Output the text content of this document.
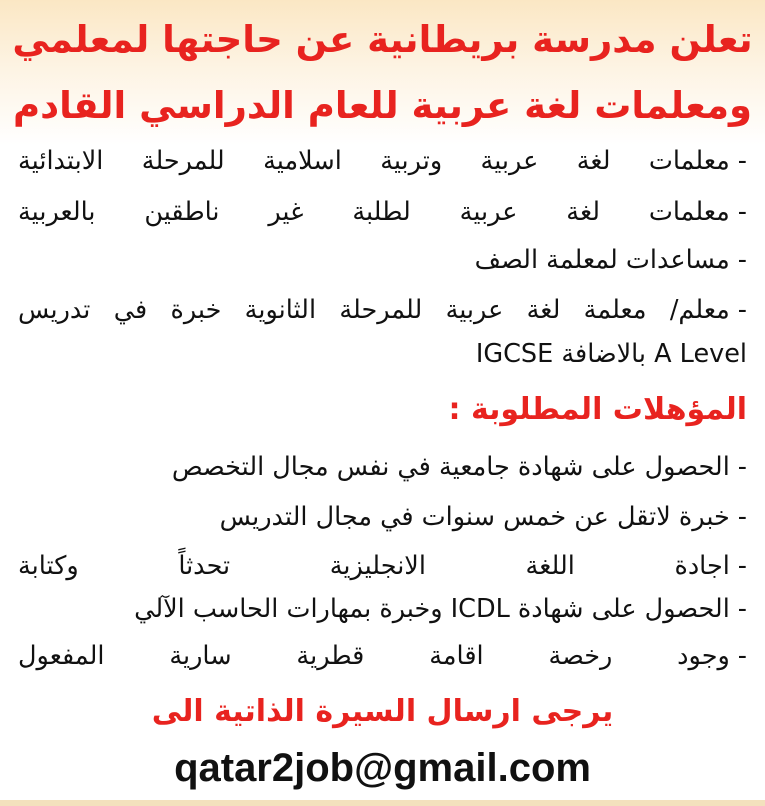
تعلن مدرسة بريطانية عن حاجتها لمعلمي
ومعلمات لغة عربية للعام الدراسي القادم
-معلمات لغة عربية وتربية اسلامية للمرحلة الابتدائية
-معلمات لغة عربية لطلبة غير ناطقين بالعربية
-مساعدات لمعلمة الصف
-معلم/ معلمة لغة عربية للمرحلة الثانوية خبرة في تدريس
IGCSE بالاضافة A Level
المؤهلات المطلوبة :
-الحصول على شهادة جامعية في نفس مجال التخصص
-خبرة لاتقل عن خمس سنوات في مجال التدريس
-اجادة اللغة الانجليزية تحدثاً وكتابة
-الحصول على شهادة ICDL وخبرة بمهارات الحاسب الآلي
-وجود رخصة اقامة قطرية سارية المفعول
يرجى ارسال السيرة الذاتية الى
qatar2job@gmail.com
